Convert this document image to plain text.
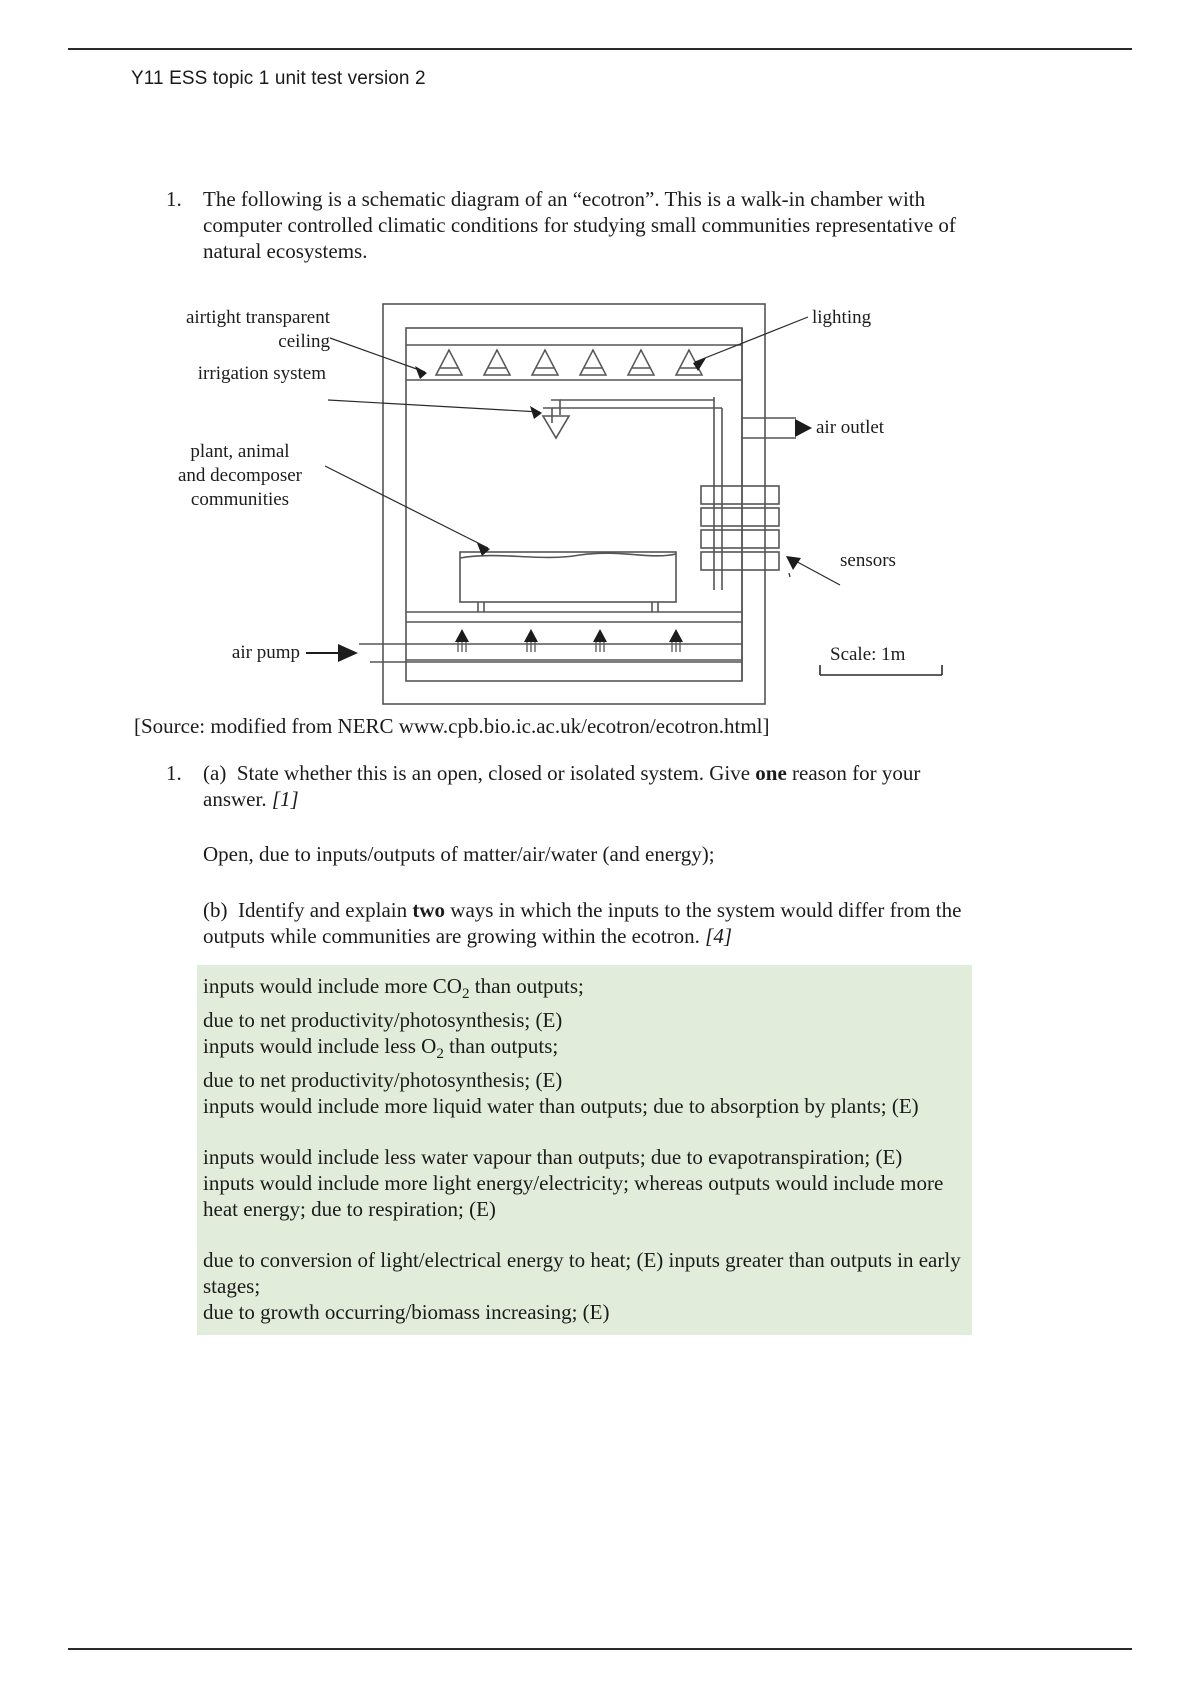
Y11 ESS topic 1 unit test version 2
1.	The following is a schematic diagram of an “ecotron”. This is a walk-in chamber with computer controlled climatic conditions for studying small communities representative of natural ecosystems.
airtight transparent
ceiling
irrigation system
plant, animal
and decomposer
communities
air pump
lighting
air outlet
sensors
Scale: 1m
[Source: modified from NERC www.cpb.bio.ic.ac.uk/ecotron/ecotron.html]
1.	(a) State whether this is an open, closed or isolated system. Give one reason for your answer. [1]
Open, due to inputs/outputs of matter/air/water (and energy);
(b) Identify and explain two ways in which the inputs to the system would differ from the outputs while communities are growing within the ecotron. [4]
inputs would include more $CO_2$ than outputs;
due to net productivity/photosynthesis; (E)
inputs would include less $O_2$ than outputs;
due to net productivity/photosynthesis; (E)
inputs would include more liquid water than outputs; due to absorption by plants; (E)
inputs would include less water vapour than outputs; due to evapotranspiration; (E)
inputs would include more light energy/electricity; whereas outputs would include more heat energy; due to respiration; (E)
due to conversion of light/electrical energy to heat; (E) inputs greater than outputs in early stages;
due to growth occurring/biomass increasing; (E)
